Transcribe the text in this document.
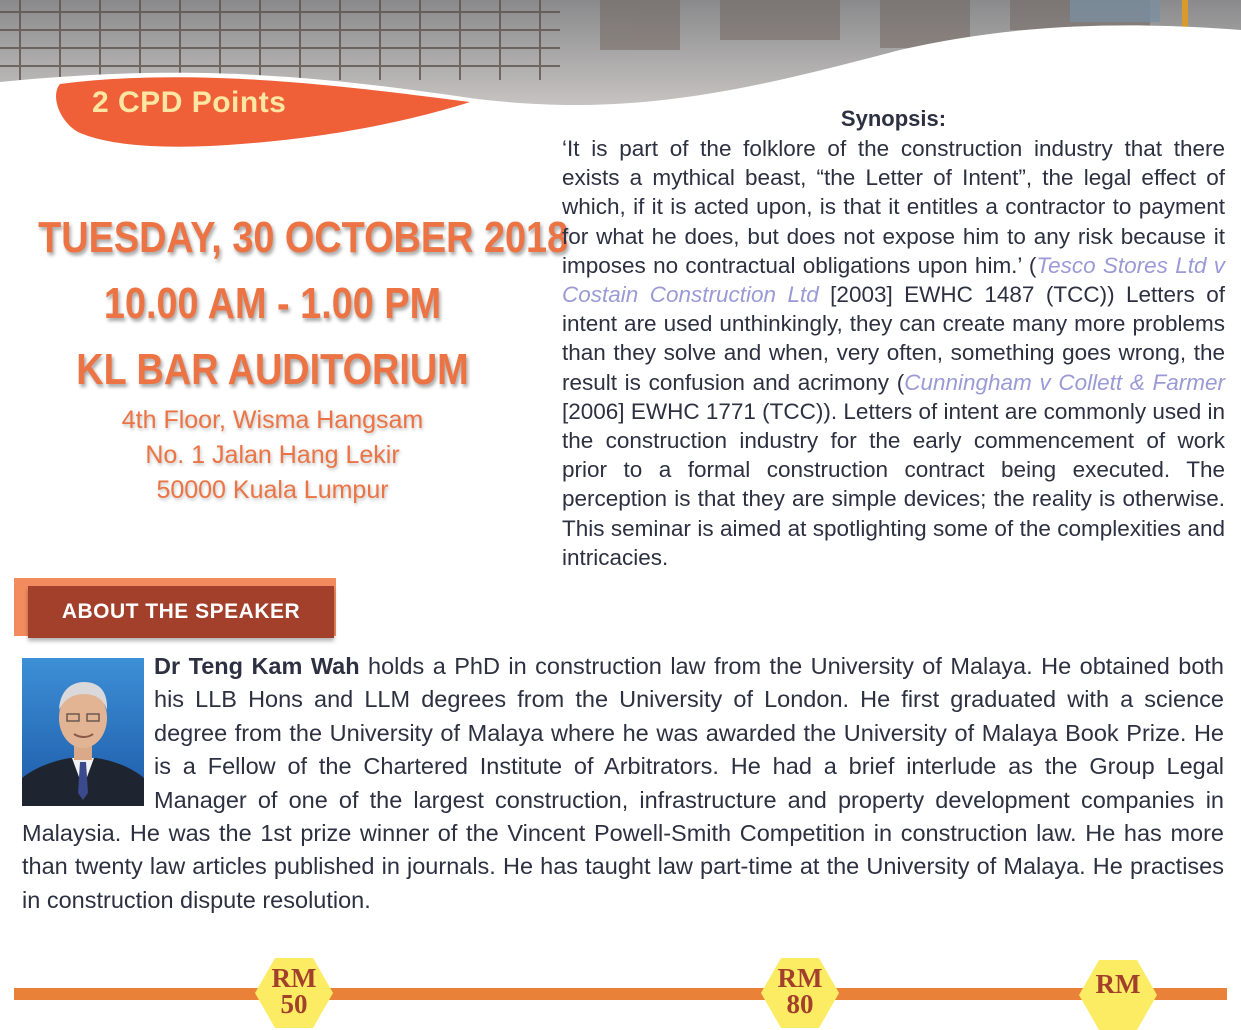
2 CPD Points
TUESDAY, 30 OCTOBER 2018
10.00 AM - 1.00 PM
KL BAR AUDITORIUM
4th Floor, Wisma Hangsam
No. 1 Jalan Hang Lekir
50000 Kuala Lumpur
Synopsis:
‘It is part of the folklore of the construction industry that there exists a mythical beast, “the Letter of Intent”, the legal effect of which, if it is acted upon, is that it entitles a contractor to payment for what he does, but does not expose him to any risk because it imposes no contractual obligations upon him.’ (Tesco Stores Ltd v Costain Construction Ltd [2003] EWHC 1487 (TCC)) Letters of intent are used unthinkingly, they can create many more problems than they solve and when, very often, something goes wrong, the result is confusion and acrimony (Cunningham v Collett & Farmer [2006] EWHC 1771 (TCC)). Letters of intent are commonly used in the construction industry for the early commencement of work prior to a formal construction contract being executed. The perception is that they are simple devices; the reality is otherwise. This seminar is aimed at spotlighting some of the complexities and intricacies.
ABOUT THE SPEAKER
Dr Teng Kam Wah holds a PhD in construction law from the University of Malaya. He obtained both his LLB Hons and LLM degrees from the University of London. He first graduated with a science degree from the University of Malaya where he was awarded the University of Malaya Book Prize. He is a Fellow of the Chartered Institute of Arbitrators. He had a brief interlude as the Group Legal Manager of one of the largest construction, infrastructure and property development companies in Malaysia. He was the 1st prize winner of the Vincent Powell-Smith Competition in construction law. He has more than twenty law articles published in journals. He has taught law part-time at the University of Malaya. He practises in construction dispute resolution.
RM
50
RM
80
RM
